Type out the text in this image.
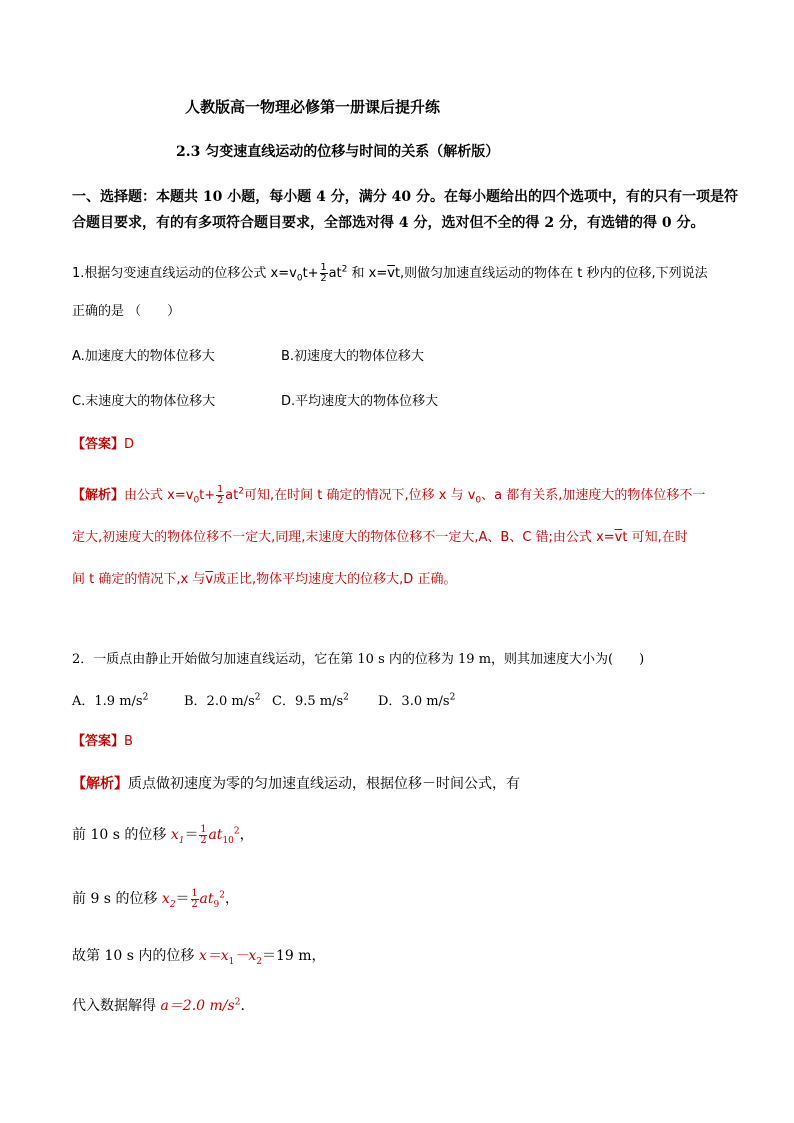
人教版高一物理必修第一册课后提升练
2.3 匀变速直线运动的位移与时间的关系（解析版）
一、选择题：本题共 10 小题，每小题 4 分，满分 40 分。在每小题给出的四个选项中，有的只有一项是符
合题目要求，有的有多项符合题目要求，全部选对得 4 分，选对但不全的得 2 分，有选错的得 0 分。
1.根据匀变速直线运动的位移公式 $x=v_0t+ \frac{1}{2} at^2$ 和 $x=\overline{v}t$,则做匀加速直线运动的物体在 t 秒内的位移,下列说法
正确的是 （　　）
A.加速度大的物体位移大	B.初速度大的物体位移大
C.末速度大的物体位移大	D.平均速度大的物体位移大
【答案】D
【解析】由公式 $x=v_0t+ \frac{1}{2} at^2$可知,在时间 t 确定的情况下,位移 x 与 $v_0$、a 都有关系,加速度大的物体位移不一
定大,初速度大的物体位移不一定大,同理,末速度大的物体位移不一定大,A、B、C 错;由公式 $x=\overline{v}t$ 可知,在时
间 t 确定的情况下,x 与$\overline{v}$成正比,物体平均速度大的位移大,D 正确。
2．一质点由静止开始做匀加速直线运动，它在第 10 s 内的位移为 19 m，则其加速度大小为(　　)
A．1.9 $m/s^2$	B．2.0 $m/s^2$ C．9.5 $m/s^2$ D．3.0 $m/s^2$
【答案】B
【解析】质点做初速度为零的匀加速直线运动，根据位移－时间公式，有
前 10 s 的位移 $x_1= \frac{1}{2} at_{10}^2$，
前 9 s 的位移 $x_2= \frac{1}{2} at_9^2$，
故第 10 s 内的位移 $x=x_1-x_2=19$ m，
代入数据解得 a＝2.0 $m/s^2$.
